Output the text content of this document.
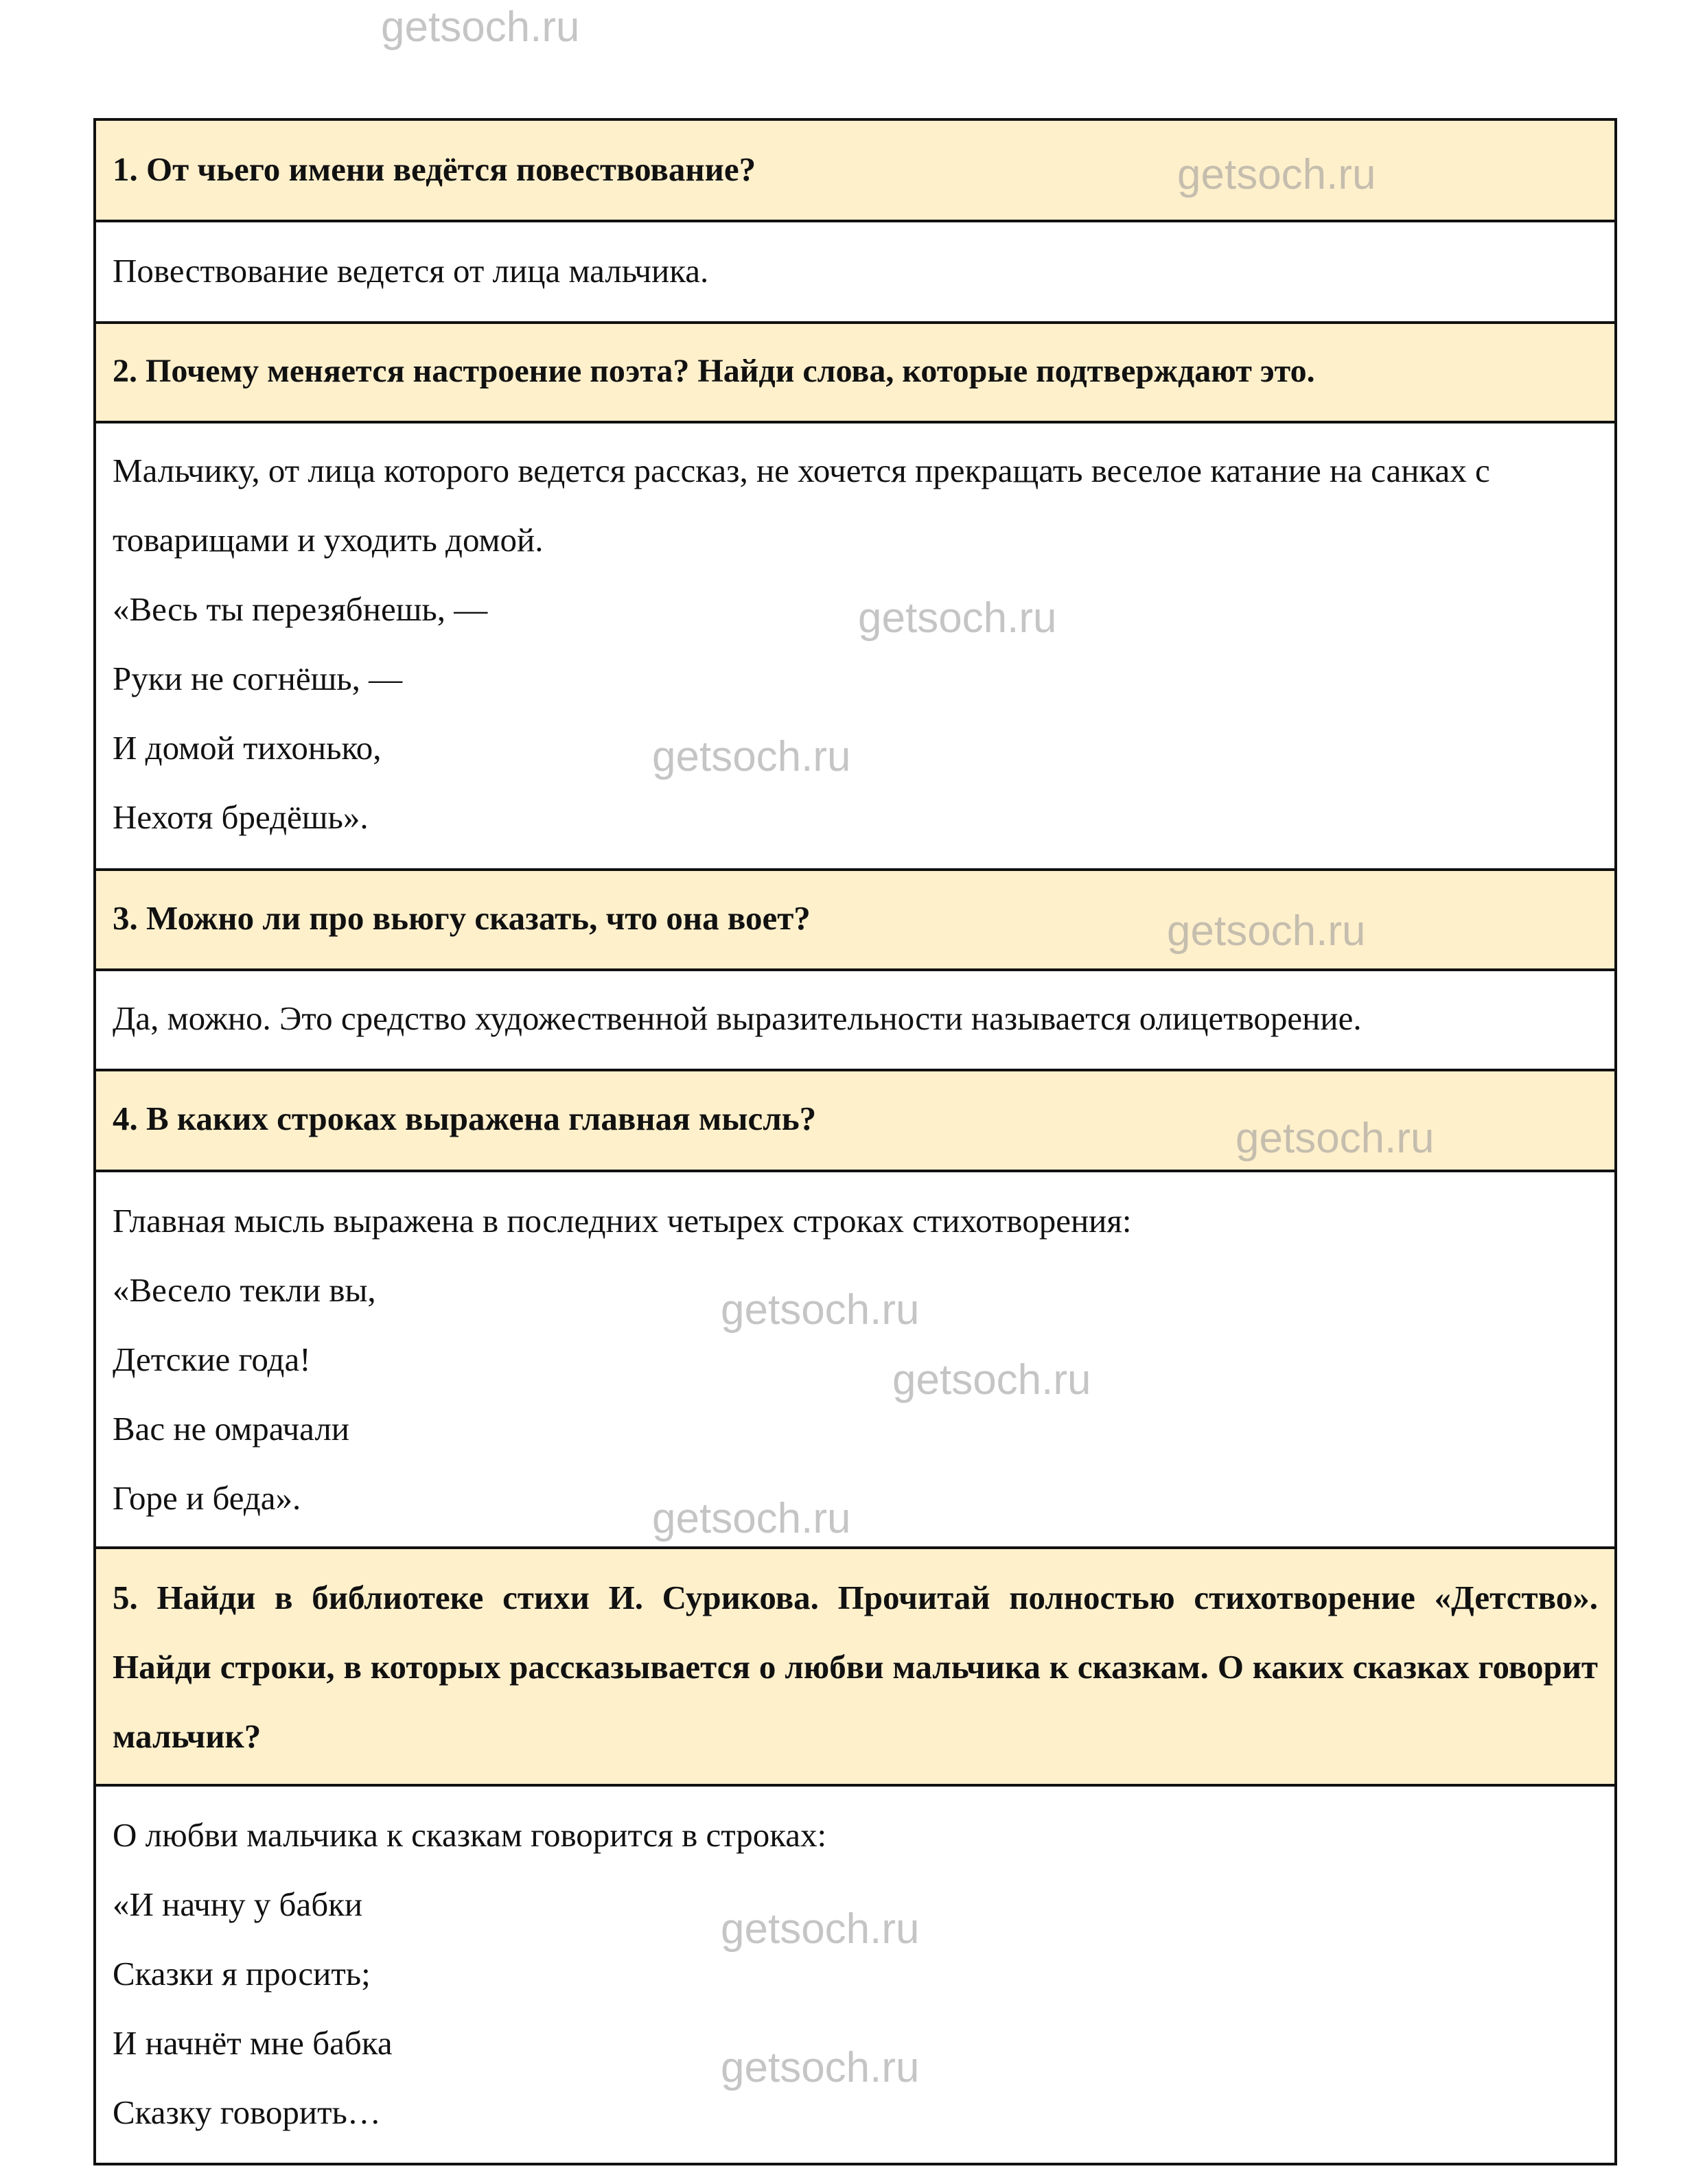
1. От чьего имени ведётся повествование?
Повествование ведется от лица мальчика.
2. Почему меняется настроение поэта? Найди слова, которые подтверждают это.
Мальчику, от лица которого ведется рассказ, не хочется прекращать веселое катание на санках с товарищами и уходить домой.
«Весь ты перезябнешь, —
Руки не согнёшь, —
И домой тихонько,
Нехотя бредёшь».
3. Можно ли про вьюгу сказать, что она воет?
Да, можно. Это средство художественной выразительности называется олицетворение.
4. В каких строках выражена главная мысль?
Главная мысль выражена в последних четырех строках стихотворения:
«Весело текли вы,
Детские года!
Вас не омрачали
Горе и беда».
5. Найди в библиотеке стихи И. Сурикова. Прочитай полностью стихотворение «Детство». Найди строки, в которых рассказывается о любви мальчика к сказкам. О каких сказках говорит мальчик?
О любви мальчика к сказкам говорится в строках:
«И начну у бабки
Сказки я просить;
И начнёт мне бабка
Сказку говорить…
getsoch.ru
getsoch.ru
getsoch.ru
getsoch.ru
getsoch.ru
getsoch.ru
getsoch.ru
getsoch.ru
getsoch.ru
getsoch.ru
getsoch.ru
